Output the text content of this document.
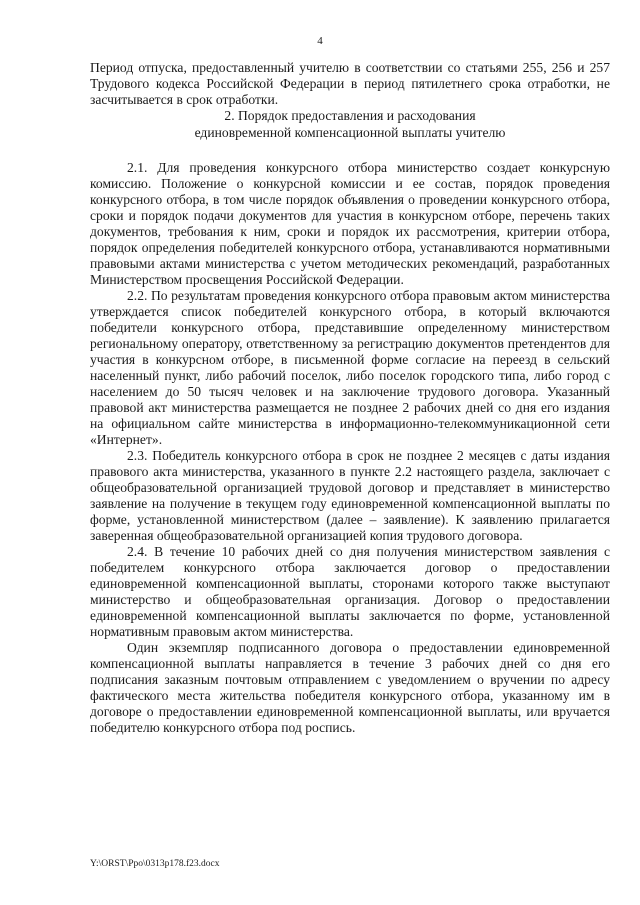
4

Период отпуска, предоставленный учителю в соответствии со статьями 255, 256 и 257 Трудового кодекса Российской Федерации в период пятилетнего срока отработки, не засчитывается в срок отработки.

2. Порядок предоставления и расходования
единовременной компенсационной выплаты учителю

2.1. Для проведения конкурсного отбора министерство создает конкурсную комиссию. Положение о конкурсной комиссии и ее состав, порядок проведения конкурсного отбора, в том числе порядок объявления о проведении конкурсного отбора, сроки и порядок подачи документов для участия в конкурсном отборе, перечень таких документов, требования к ним, сроки и порядок их рассмотрения, критерии отбора, порядок определения победителей конкурсного отбора, устанавливаются нормативными правовыми актами министерства с учетом методических рекомендаций, разработанных Министерством просвещения Российской Федерации.

2.2. По результатам проведения конкурсного отбора правовым актом министерства утверждается список победителей конкурсного отбора, в который включаются победители конкурсного отбора, представившие определенному министерством региональному оператору, ответственному за регистрацию документов претендентов для участия в конкурсном отборе, в письменной форме согласие на переезд в сельский населенный пункт, либо рабочий поселок, либо поселок городского типа, либо город с населением до 50 тысяч человек и на заключение трудового договора. Указанный правовой акт министерства размещается не позднее 2 рабочих дней со дня его издания на официальном сайте министерства в информационно-телекоммуникационной сети «Интернет».

2.3. Победитель конкурсного отбора в срок не позднее 2 месяцев с даты издания правового акта министерства, указанного в пункте 2.2 настоящего раздела, заключает с общеобразовательной организацией трудовой договор и представляет в министерство заявление на получение в текущем году единовременной компенсационной выплаты по форме, установленной министерством (далее – заявление). К заявлению прилагается заверенная общеобразовательной организацией копия трудового договора.

2.4. В течение 10 рабочих дней со дня получения министерством заявления с победителем конкурсного отбора заключается договор о предоставлении единовременной компенсационной выплаты, сторонами которого также выступают министерство и общеобразовательная организация. Договор о предоставлении единовременной компенсационной выплаты заключается по форме, установленной нормативным правовым актом министерства.

Один экземпляр подписанного договора о предоставлении единовременной компенсационной выплаты направляется в течение 3 рабочих дней со дня его подписания заказным почтовым отправлением с уведомлением о вручении по адресу фактического места жительства победителя конкурсного отбора, указанному им в договоре о предоставлении единовременной компенсационной выплаты, или вручается победителю конкурсного отбора под роспись.

Y:\ORST\Ppo\0313p178.f23.docx
